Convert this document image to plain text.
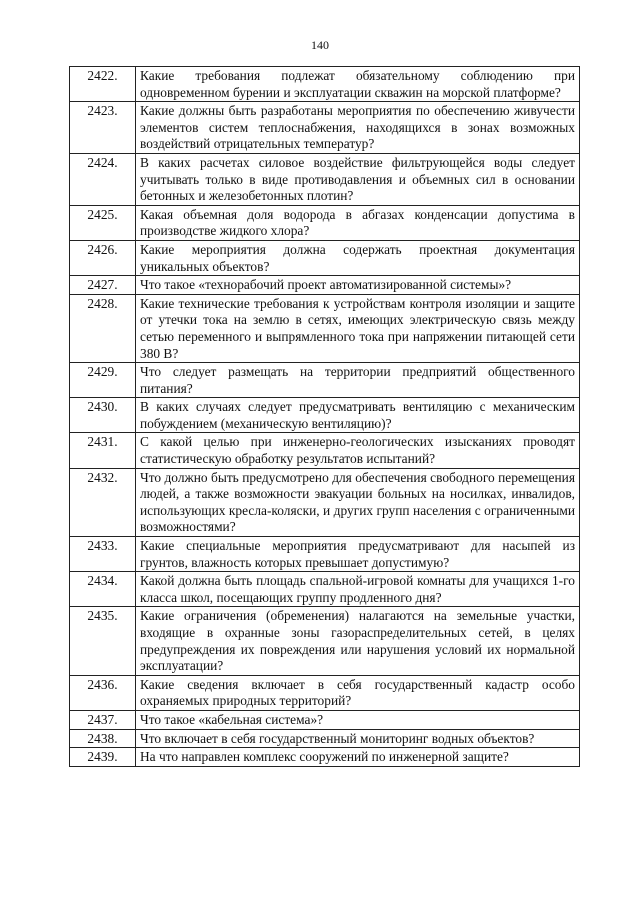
140
2422.	Какие требования подлежат обязательному соблюдению при одновременном бурении и эксплуатации скважин на морской платформе?
2423.	Какие должны быть разработаны мероприятия по обеспечению живучести элементов систем теплоснабжения, находящихся в зонах возможных воздействий отрицательных температур?
2424.	В каких расчетах силовое воздействие фильтрующейся воды следует учитывать только в виде противодавления и объемных сил в основании бетонных и железобетонных плотин?
2425.	Какая объемная доля водорода в абгазах конденсации допустима в производстве жидкого хлора?
2426.	Какие мероприятия должна содержать проектная документация уникальных объектов?
2427.	Что такое «технорабочий проект автоматизированной системы»?
2428.	Какие технические требования к устройствам контроля изоляции и защите от утечки тока на землю в сетях, имеющих электрическую связь между сетью переменного и выпрямленного тока при напряжении питающей сети 380 В?
2429.	Что следует размещать на территории предприятий общественного питания?
2430.	В каких случаях следует предусматривать вентиляцию с механическим побуждением (механическую вентиляцию)?
2431.	С какой целью при инженерно-геологических изысканиях проводят статистическую обработку результатов испытаний?
2432.	Что должно быть предусмотрено для обеспечения свободного перемещения людей, а также возможности эвакуации больных на носилках, инвалидов, использующих кресла-коляски, и других групп населения с ограниченными возможностями?
2433.	Какие специальные мероприятия предусматривают для насыпей из грунтов, влажность которых превышает допустимую?
2434.	Какой должна быть площадь спальной-игровой комнаты для учащихся 1-го класса школ, посещающих группу продленного дня?
2435.	Какие ограничения (обременения) налагаются на земельные участки, входящие в охранные зоны газораспределительных сетей, в целях предупреждения их повреждения или нарушения условий их нормальной эксплуатации?
2436.	Какие сведения включает в себя государственный кадастр особо охраняемых природных территорий?
2437.	Что такое «кабельная система»?
2438.	Что включает в себя государственный мониторинг водных объектов?
2439.	На что направлен комплекс сооружений по инженерной защите?
